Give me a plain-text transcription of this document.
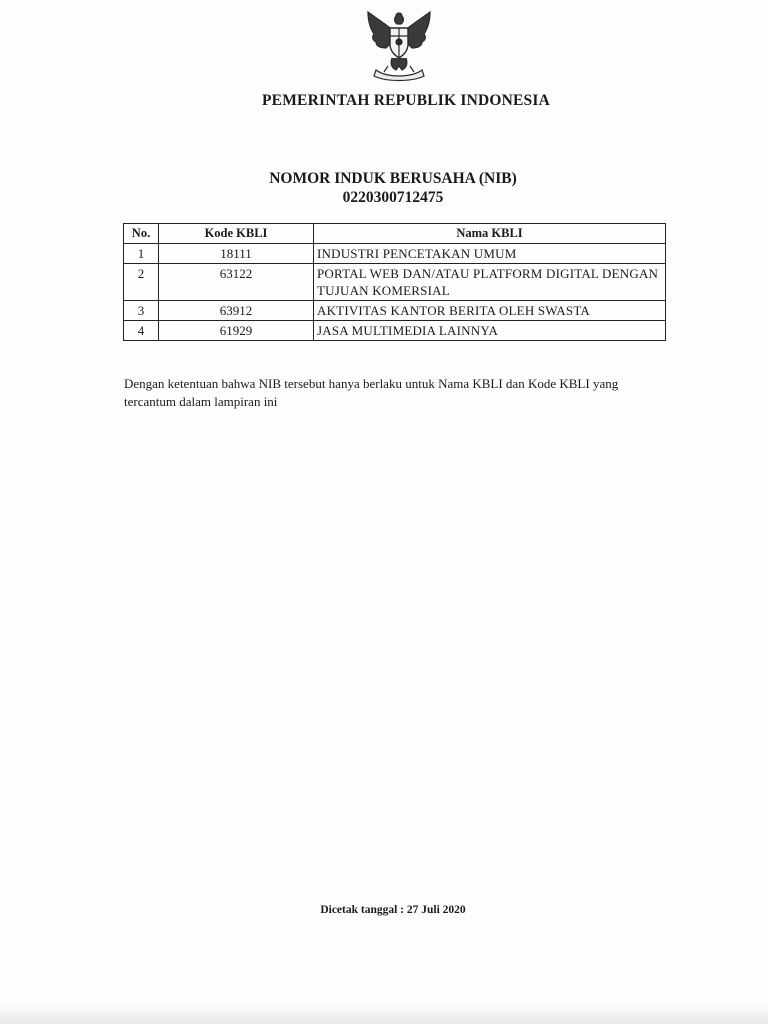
PEMERINTAH REPUBLIK INDONESIA
NOMOR INDUK BERUSAHA (NIB)
0220300712475
No.	Kode KBLI	Nama KBLI
1	18111	INDUSTRI PENCETAKAN UMUM
2	63122	PORTAL WEB DAN/ATAU PLATFORM DIGITAL DENGAN TUJUAN KOMERSIAL
3	63912	AKTIVITAS KANTOR BERITA OLEH SWASTA
4	61929	JASA MULTIMEDIA LAINNYA
Dengan ketentuan bahwa NIB tersebut hanya berlaku untuk Nama KBLI dan Kode KBLI yang tercantum dalam lampiran ini
Dicetak tanggal : 27 Juli 2020
